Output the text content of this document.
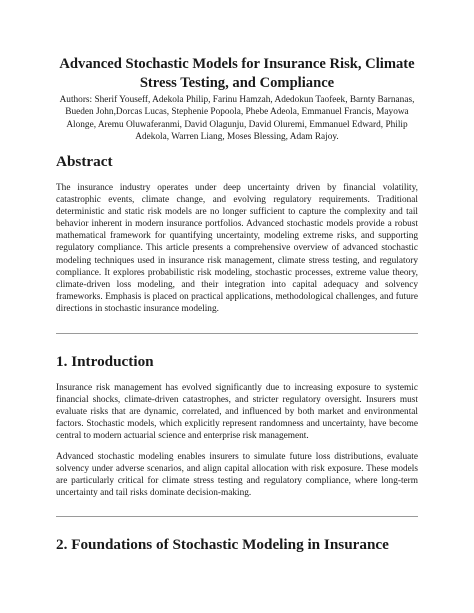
Advanced Stochastic Models for Insurance Risk, Climate Stress Testing, and Compliance
Authors: Sherif Youseff, Adekola Philip, Farinu Hamzah, Adedokun Taofeek, Barnty Barnanas, Bueden John,Dorcas Lucas, Stephenie Popoola, Phebe Adeola, Emmanuel Francis, Mayowa Alonge, Aremu Oluwaferanmi, David Olagunju, David Oluremi, Emmanuel Edward, Philip Adekola, Warren Liang, Moses Blessing, Adam Rajoy.
Abstract

The insurance industry operates under deep uncertainty driven by financial volatility, catastrophic events, climate change, and evolving regulatory requirements. Traditional deterministic and static risk models are no longer sufficient to capture the complexity and tail behavior inherent in modern insurance portfolios. Advanced stochastic models provide a robust mathematical framework for quantifying uncertainty, modeling extreme risks, and supporting regulatory compliance. This article presents a comprehensive overview of advanced stochastic modeling techniques used in insurance risk management, climate stress testing, and regulatory compliance. It explores probabilistic risk modeling, stochastic processes, extreme value theory, climate-driven loss modeling, and their integration into capital adequacy and solvency frameworks. Emphasis is placed on practical applications, methodological challenges, and future directions in stochastic insurance modeling.

1. Introduction

Insurance risk management has evolved significantly due to increasing exposure to systemic financial shocks, climate-driven catastrophes, and stricter regulatory oversight. Insurers must evaluate risks that are dynamic, correlated, and influenced by both market and environmental factors. Stochastic models, which explicitly represent randomness and uncertainty, have become central to modern actuarial science and enterprise risk management.

Advanced stochastic modeling enables insurers to simulate future loss distributions, evaluate solvency under adverse scenarios, and align capital allocation with risk exposure. These models are particularly critical for climate stress testing and regulatory compliance, where long-term uncertainty and tail risks dominate decision-making.

2. Foundations of Stochastic Modeling in Insurance
